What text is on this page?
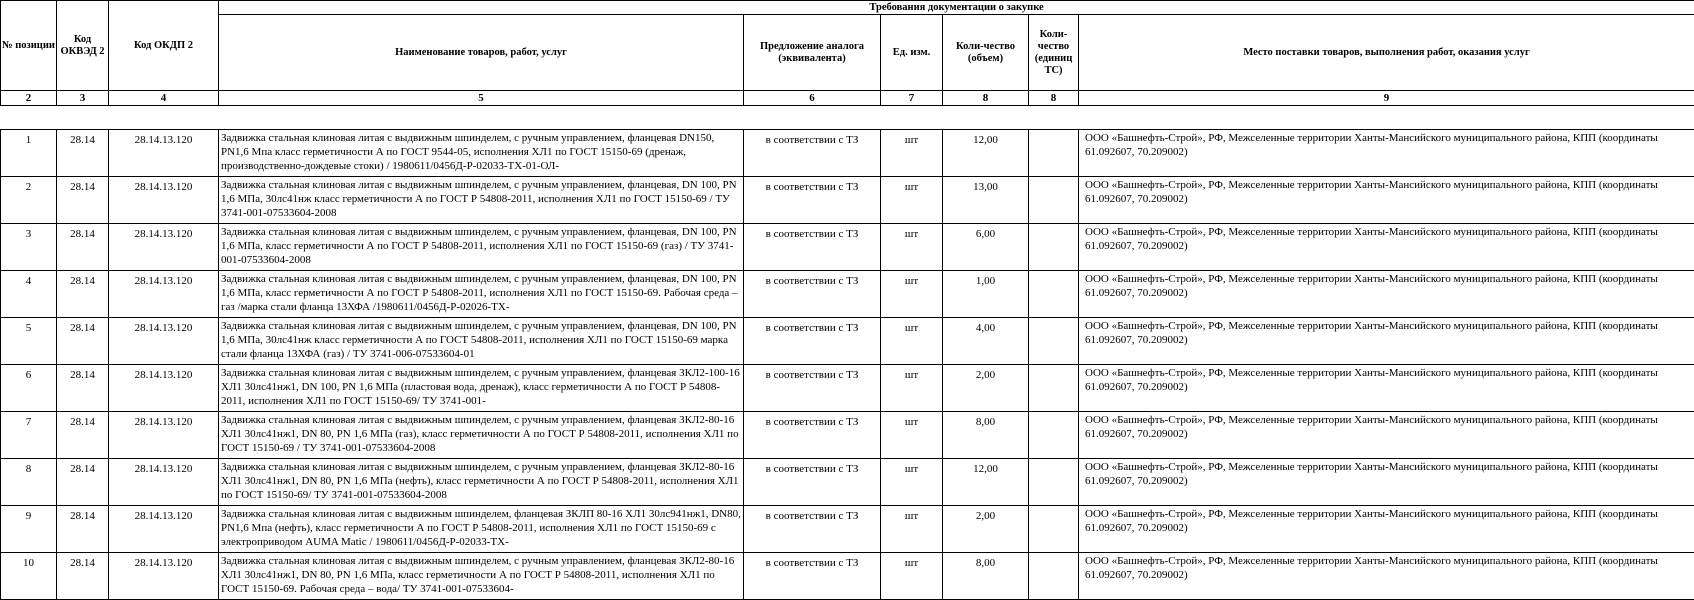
№ позиции	Код ОКВЭД 2	Код ОКДП 2	Требования документации о закупке					
			Наименование товаров, работ, услуг	Предложение аналога (эквивалента)	Ед. изм.	Коли-чество (объем)	Коли-чество (единиц ТС)	Место поставки товаров, выполнения работ, оказания услуг
2	3	4	5	6	7	8	8	9
1	28.14	28.14.13.120	Задвижка стальная клиновая литая с выдвижным шпинделем, с ручным управлением, фланцевая DN150, PN1,6 Мпа класс герметичности А по ГОСТ 9544-05, исполнения ХЛ1 по ГОСТ 15150-69 (дренаж, производственно-дождевые стоки) / 1980611/0456Д-Р-02033-ТХ-01-ОЛ-	в соответствии с ТЗ	шт	12,00		ООО «Башнефть-Строй», РФ, Межселенные территории Ханты-Мансийского муниципального района, КПП (координаты 61.092607, 70.209002)
2	28.14	28.14.13.120	Задвижка стальная клиновая литая с выдвижным шпинделем, с ручным управлением, фланцевая, DN 100, PN 1,6 МПа, 30лс41нж класс герметичности А по ГОСТ Р 54808-2011, исполнения ХЛ1 по ГОСТ 15150-69 / ТУ 3741-001-07533604-2008	в соответствии с ТЗ	шт	13,00		ООО «Башнефть-Строй», РФ, Межселенные территории Ханты-Мансийского муниципального района, КПП (координаты 61.092607, 70.209002)
3	28.14	28.14.13.120	Задвижка стальная клиновая литая с выдвижным шпинделем, с ручным управлением, фланцевая, DN 100, PN 1,6 МПа, класс герметичности А по ГОСТ Р 54808-2011, исполнения ХЛ1 по ГОСТ 15150-69 (газ) / ТУ 3741-001-07533604-2008	в соответствии с ТЗ	шт	6,00		ООО «Башнефть-Строй», РФ, Межселенные территории Ханты-Мансийского муниципального района, КПП (координаты 61.092607, 70.209002)
4	28.14	28.14.13.120	Задвижка стальная клиновая литая с выдвижным шпинделем, с ручным управлением, фланцевая, DN 100, PN 1,6 МПа, класс герметичности А по ГОСТ Р 54808-2011, исполнения ХЛ1 по ГОСТ 15150-69. Рабочая среда – газ /марка стали фланца 13ХФА /1980611/0456Д-Р-02026-ТХ-	в соответствии с ТЗ	шт	1,00		ООО «Башнефть-Строй», РФ, Межселенные территории Ханты-Мансийского муниципального района, КПП (координаты 61.092607, 70.209002)
5	28.14	28.14.13.120	Задвижка стальная клиновая литая с выдвижным шпинделем, с ручным управлением, фланцевая, DN 100, PN 1,6 МПа, 30лс41нж класс герметичности А по ГОСТ 54808-2011, исполнения ХЛ1 по ГОСТ 15150-69 марка стали фланца 13ХФА (газ) / ТУ 3741-006-07533604-01	в соответствии с ТЗ	шт	4,00		ООО «Башнефть-Строй», РФ, Межселенные территории Ханты-Мансийского муниципального района, КПП (координаты 61.092607, 70.209002)
6	28.14	28.14.13.120	Задвижка стальная клиновая литая с выдвижным шпинделем, с ручным управлением, фланцевая ЗКЛ2-100-16 ХЛ1 30лс41нж1, DN 100, PN 1,6 МПа (пластовая вода, дренаж), класс герметичности А по ГОСТ Р 54808-2011, исполнения ХЛ1 по ГОСТ 15150-69/ ТУ 3741-001-	в соответствии с ТЗ	шт	2,00		ООО «Башнефть-Строй», РФ, Межселенные территории Ханты-Мансийского муниципального района, КПП (координаты 61.092607, 70.209002)
7	28.14	28.14.13.120	Задвижка стальная клиновая литая с выдвижным шпинделем, с ручным управлением, фланцевая ЗКЛ2-80-16 ХЛ1 30лс41нж1, DN 80, PN 1,6 МПа (газ), класс герметичности А по ГОСТ Р 54808-2011, исполнения ХЛ1 по ГОСТ 15150-69 / ТУ 3741-001-07533604-2008	в соответствии с ТЗ	шт	8,00		ООО «Башнефть-Строй», РФ, Межселенные территории Ханты-Мансийского муниципального района, КПП (координаты 61.092607, 70.209002)
8	28.14	28.14.13.120	Задвижка стальная клиновая литая с выдвижным шпинделем, с ручным управлением, фланцевая ЗКЛ2-80-16 ХЛ1 30лс41нж1, DN 80, PN 1,6 МПа (нефть), класс герметичности А по ГОСТ Р 54808-2011, исполнения ХЛ1 по ГОСТ 15150-69/ ТУ 3741-001-07533604-2008	в соответствии с ТЗ	шт	12,00		ООО «Башнефть-Строй», РФ, Межселенные территории Ханты-Мансийского муниципального района, КПП (координаты 61.092607, 70.209002)
9	28.14	28.14.13.120	Задвижка стальная клиновая литая с выдвижным шпинделем, фланцевая ЗКЛП 80-16 ХЛ1 30лс941нж1, DN80, PN1,6 Мпа (нефть), класс герметичности А по ГОСТ Р 54808-2011, исполнения ХЛ1 по ГОСТ 15150-69 с электроприводом AUMA Matic / 1980611/0456Д-Р-02033-ТХ-	в соответствии с ТЗ	шт	2,00		ООО «Башнефть-Строй», РФ, Межселенные территории Ханты-Мансийского муниципального района, КПП (координаты 61.092607, 70.209002)
10	28.14	28.14.13.120	Задвижка стальная клиновая литая с выдвижным шпинделем, с ручным управлением, фланцевая ЗКЛ2-80-16 ХЛ1 30лс41нж1, DN 80, PN 1,6 МПа, класс герметичности А по ГОСТ Р 54808-2011, исполнения ХЛ1 по ГОСТ 15150-69. Рабочая среда – вода/ ТУ 3741-001-07533604-	в соответствии с ТЗ	шт	8,00		ООО «Башнефть-Строй», РФ, Межселенные территории Ханты-Мансийского муниципального района, КПП (координаты 61.092607, 70.209002)
